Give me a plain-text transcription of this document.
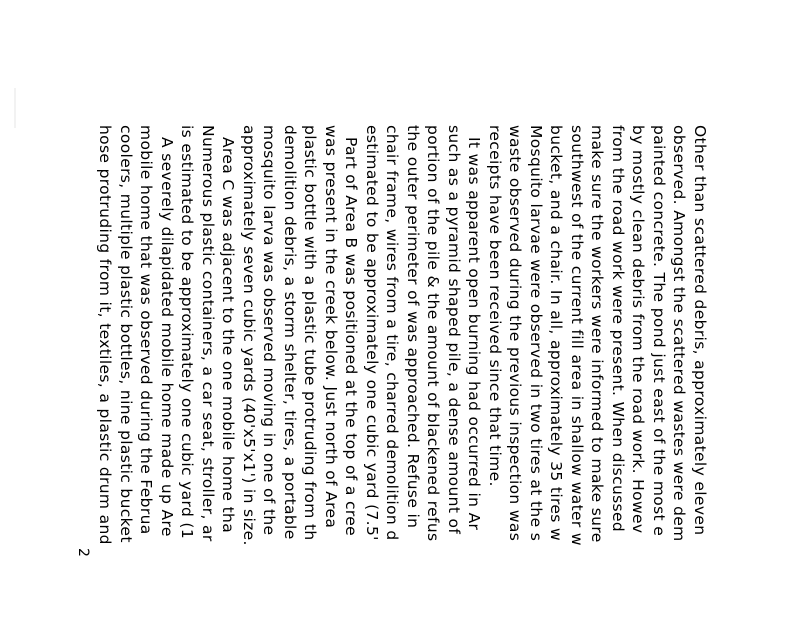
Other than scattered debris, approximately eleven
observed. Amongst the scattered wastes were dem
painted concrete. The pond just east of the most e
by mostly clean debris from the road work. Howev
from the road work were present. When discussed
make sure the workers were informed to make sure
southwest of the current fill area in shallow water w
bucket, and a chair. In all, approximately 35 tires w
Mosquito larvae were observed in two tires at the s
waste observed during the previous inspection was
receipts have been received since that time.
It was apparent open burning had occurred in Ar
such as a pyramid shaped pile, a dense amount of
portion of the pile & the amount of blackened refus
the outer perimeter of was approached. Refuse in
chair frame, wires from a tire, charred demolition d
estimated to be approximately one cubic yard (7.5'
Part of Area B was positioned at the top of a cree
was present in the creek below. Just north of Area
plastic bottle with a plastic tube protruding from th
demolition debris, a storm shelter, tires, a portable
mosquito larva was observed moving in one of the
approximately seven cubic yards (40'x5'x1') in size.
Area C was adjacent to the one mobile home tha
Numerous plastic containers, a car seat, stroller, ar
is estimated to be approximately one cubic yard (1
A severely dilapidated mobile home made up Are
mobile home that was observed during the Februa
coolers, multiple plastic bottles, nine plastic bucket
hose protruding from it, textiles, a plastic drum and
2
